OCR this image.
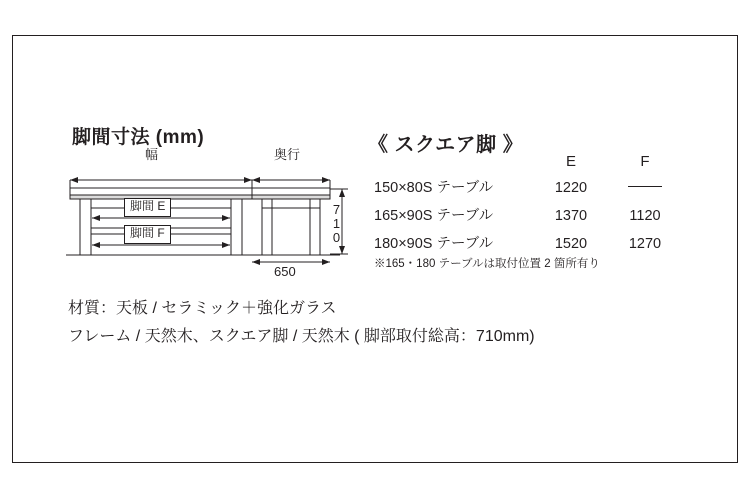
脚間寸法 (mm)
幅
脚間 E
脚間 F
奥行
650
710
《 スクエア脚 》
	E	F
150×80S テーブル	1220	
165×90S テーブル	1370	1120
180×90S テーブル	1520	1270
※165・180 テーブルは取付位置 2 箇所有り
材質：天板 / セラミック＋強化ガラス
フレーム / 天然木、スクエア脚 / 天然木 ( 脚部取付総高：710mm)
